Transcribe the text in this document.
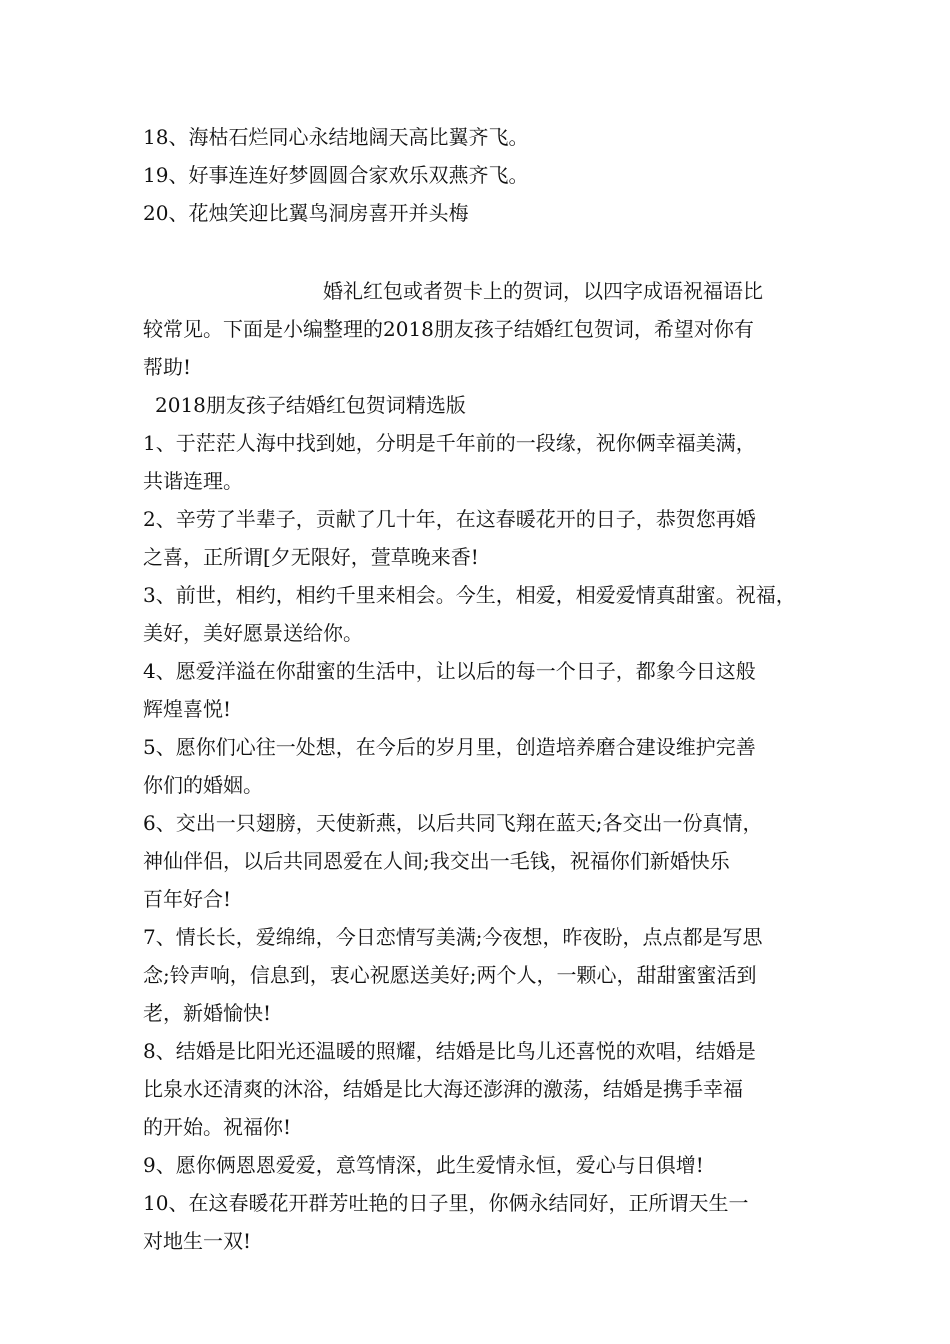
18、海枯石烂同心永结地阔天高比翼齐飞。
19、好事连连好梦圆圆合家欢乐双燕齐飞。
20、花烛笑迎比翼鸟洞房喜开并头梅
婚礼红包或者贺卡上的贺词，以四字成语祝福语比
较常见。下面是小编整理的2018朋友孩子结婚红包贺词，希望对你有
帮助!
2018朋友孩子结婚红包贺词精选版
1、于茫茫人海中找到她，分明是千年前的一段缘，祝你俩幸福美满，
共谐连理。
2、辛劳了半辈子，贡献了几十年，在这春暖花开的日子，恭贺您再婚
之喜，正所谓[夕无限好，萱草晚来香!
3、前世，相约，相约千里来相会。今生，相爱，相爱爱情真甜蜜。祝福，
美好，美好愿景送给你。
4、愿爱洋溢在你甜蜜的生活中，让以后的每一个日子，都象今日这般
辉煌喜悦!
5、愿你们心往一处想，在今后的岁月里，创造培养磨合建设维护完善
你们的婚姻。
6、交出一只翅膀，天使新燕，以后共同飞翔在蓝天;各交出一份真情，
神仙伴侣，以后共同恩爱在人间;我交出一毛钱，祝福你们新婚快乐
百年好合!
7、情长长，爱绵绵，今日恋情写美满;今夜想，昨夜盼，点点都是写思
念;铃声响，信息到，衷心祝愿送美好;两个人，一颗心，甜甜蜜蜜活到
老，新婚愉快!
8、结婚是比阳光还温暖的照耀，结婚是比鸟儿还喜悦的欢唱，结婚是
比泉水还清爽的沐浴，结婚是比大海还澎湃的激荡，结婚是携手幸福
的开始。祝福你!
9、愿你俩恩恩爱爱，意笃情深，此生爱情永恒，爱心与日俱增!
10、在这春暖花开群芳吐艳的日子里，你俩永结同好，正所谓天生一
对地生一双!
